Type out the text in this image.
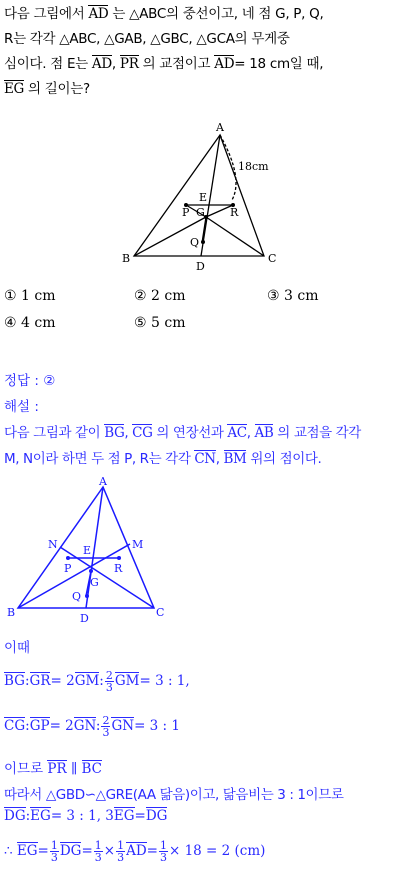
다음 그림에서 AD 는 △ABC의 중선이고, 네 점 G, P, Q,
R는 각각 △ABC, △GAB, △GBC, △GCA의 무게중
심이다. 점 E는 AD, PR 의 교점이고 AD= 18 cm일 때,
EG 의 길이는?
A
B	C
D
E
G
P	R
Q
18cm
① 1 cm	② 2 cm	③ 3 cm
④ 4 cm	⑤ 5 cm
정답 : ②
해설 :
다음 그림과 같이 BG, CG 의 연장선과 AC, AB 의 교점을 각각
M, N이라 하면 두 점 P, R는 각각 CN, BM 위의 점이다.
A
B	C
D
E
G
P	R
Q
M
N
이때
BG:GR= 2GM: $\frac{2}{3} GM= 3$ : 1,
CG:GP= 2GN: $\frac{2}{3} GN= 3$ : 1
이므로 PR ∥ BC
따라서 △GBD∽△GRE(AA 닮음)이고, 닮음비는 3 : 1이므로
DG:EG= 3 : 1, 3EG=DG
∴ $EG= \frac{1}{3} DG= \frac{1}{3} \times \frac{1}{3} AD= \frac{1}{3} \times 18 = 2$ (cm)
